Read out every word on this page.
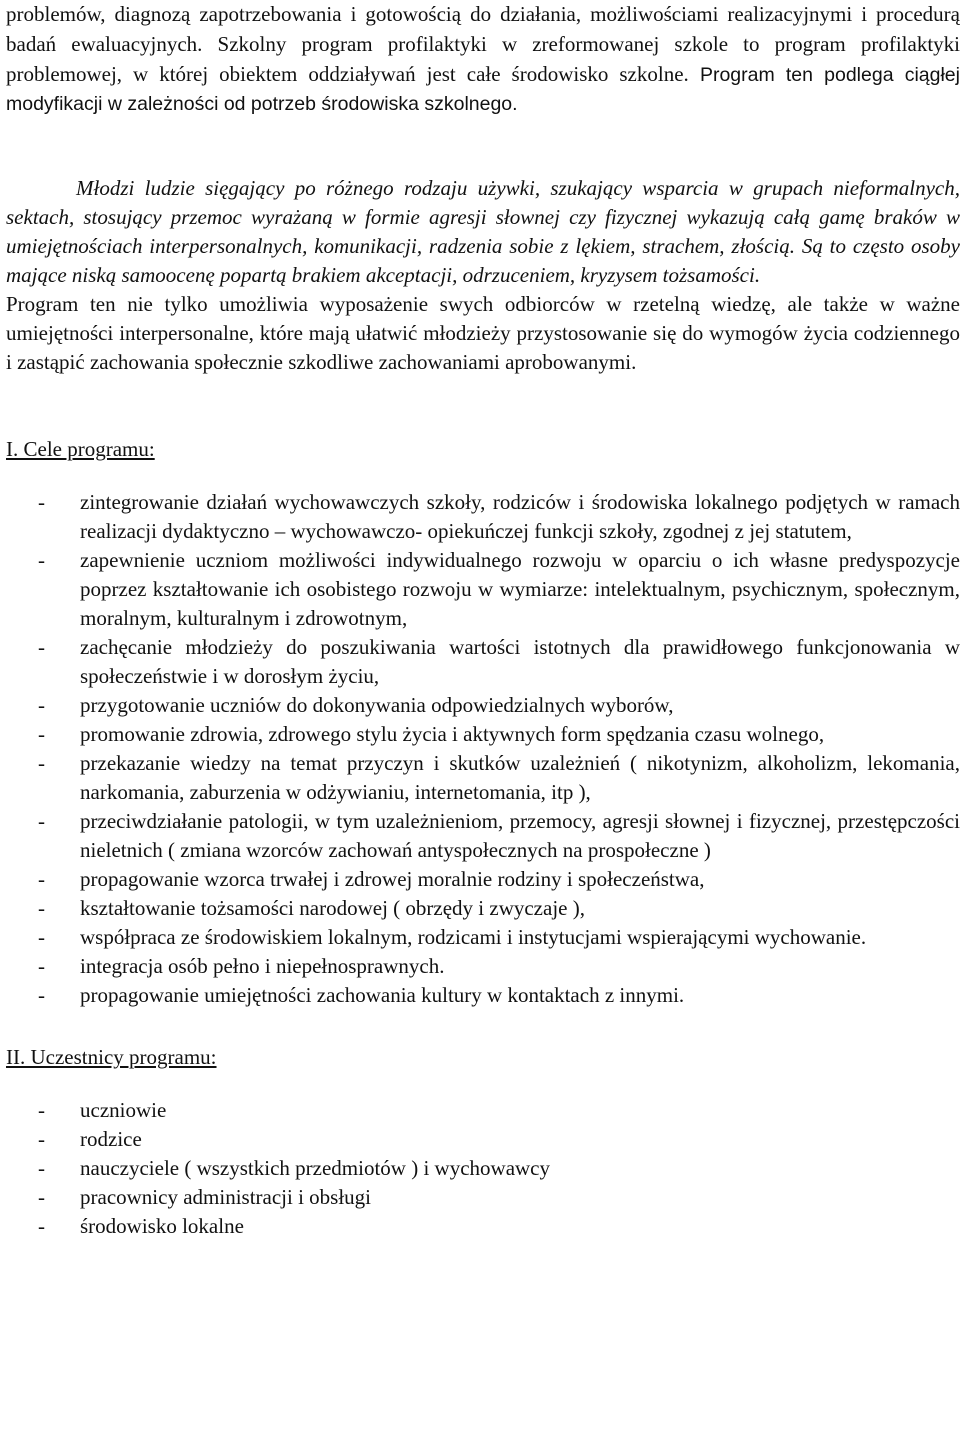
problemów, diagnozą zapotrzebowania i gotowością do działania, możliwościami realizacyjnymi i procedurą badań ewaluacyjnych. Szkolny program profilaktyki w zreformowanej szkole to program profilaktyki problemowej, w której obiektem oddziaływań jest całe środowisko szkolne. Program ten podlega ciągłej modyfikacji w zależności od potrzeb środowiska szkolnego.

Młodzi ludzie sięgający po różnego rodzaju używki, szukający wsparcia w grupach nieformalnych, sektach, stosujący przemoc wyrażaną w formie agresji słownej czy fizycznej wykazują całą gamę braków w umiejętnościach interpersonalnych, komunikacji, radzenia sobie z lękiem, strachem, złością. Są to często osoby mające niską samoocenę popartą brakiem akceptacji, odrzuceniem, kryzysem tożsamości.

Program ten nie tylko umożliwia wyposażenie swych odbiorców w rzetelną wiedzę, ale także w ważne umiejętności interpersonalne, które mają ułatwić młodzieży przystosowanie się do wymogów życia codziennego i zastąpić zachowania społecznie szkodliwe zachowaniami aprobowanymi.

I. Cele programu:

- zintegrowanie działań wychowawczych szkoły, rodziców i środowiska lokalnego podjętych w ramach realizacji dydaktyczno – wychowawczo- opiekuńczej funkcji szkoły, zgodnej z jej statutem,
- zapewnienie uczniom możliwości indywidualnego rozwoju w oparciu o ich własne predyspozycje poprzez kształtowanie ich osobistego rozwoju w wymiarze: intelektualnym, psychicznym, społecznym, moralnym, kulturalnym i zdrowotnym,
- zachęcanie młodzieży do poszukiwania wartości istotnych dla prawidłowego funkcjonowania w społeczeństwie i w dorosłym życiu,
- przygotowanie uczniów do dokonywania odpowiedzialnych wyborów,
- promowanie zdrowia, zdrowego stylu życia i aktywnych form spędzania czasu wolnego,
- przekazanie wiedzy na temat przyczyn i skutków uzależnień ( nikotynizm, alkoholizm, lekomania, narkomania, zaburzenia w odżywianiu, internetomania, itp ),
- przeciwdziałanie patologii, w tym uzależnieniom, przemocy, agresji słownej i fizycznej, przestępczości nieletnich ( zmiana wzorców zachowań antyspołecznych na prospołeczne )
- propagowanie wzorca trwałej i zdrowej moralnie rodziny i społeczeństwa,
- kształtowanie tożsamości narodowej ( obrzędy i zwyczaje ),
- współpraca ze środowiskiem lokalnym, rodzicami i instytucjami wspierającymi wychowanie.
- integracja osób pełno i niepełnosprawnych.
- propagowanie umiejętności zachowania kultury w kontaktach z innymi.

II. Uczestnicy programu:

- uczniowie
- rodzice
- nauczyciele ( wszystkich przedmiotów ) i wychowawcy
- pracownicy administracji i obsługi
- środowisko lokalne
